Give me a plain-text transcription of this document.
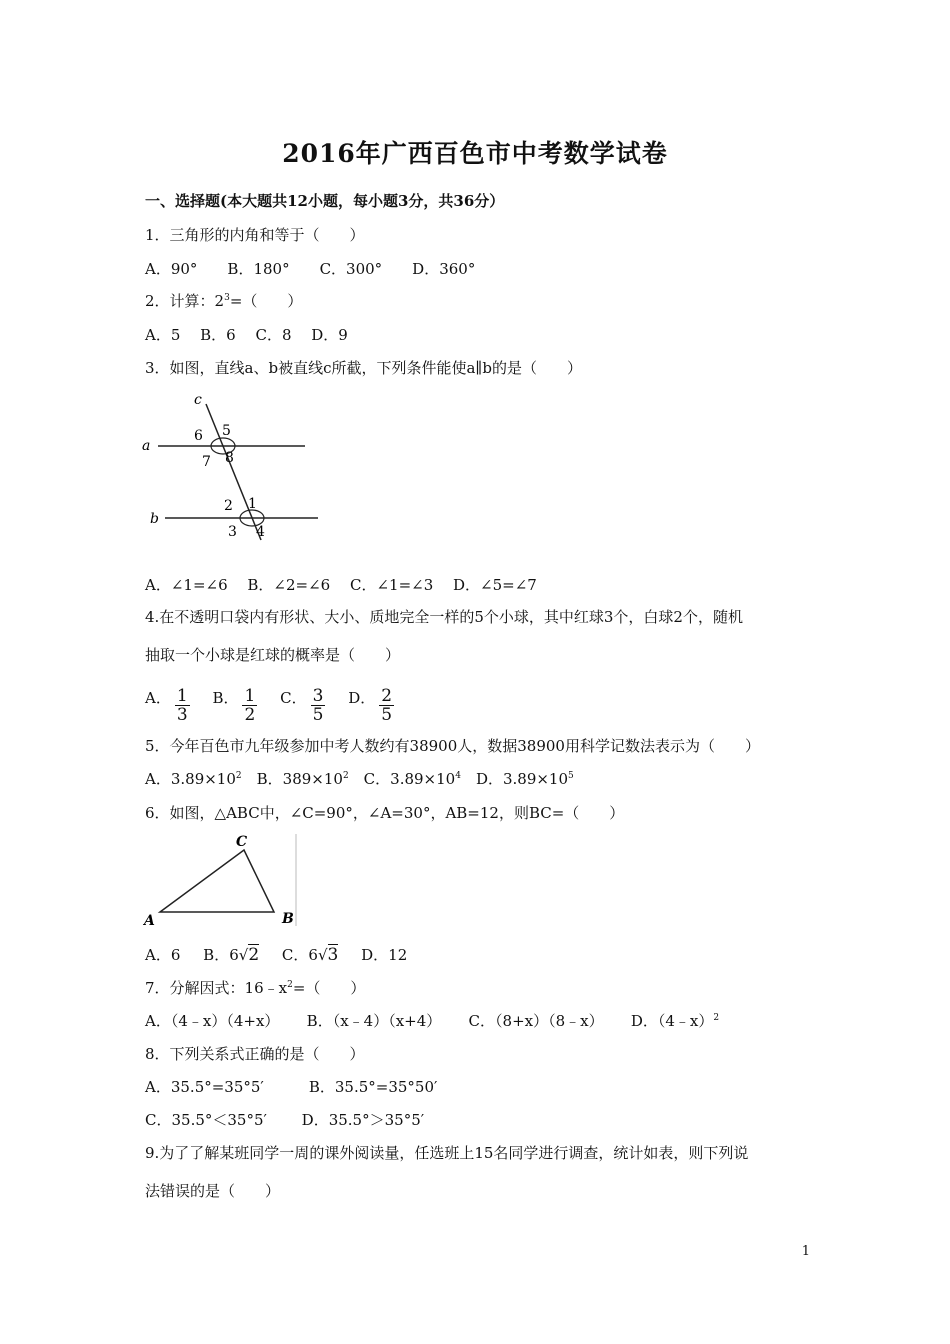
2016年广西百色市中考数学试卷
一、选择题(本大题共12小题，每小题3分，共36分）
1．三角形的内角和等于（　　）
A．90°　　B．180°　　C．300°　　D．360°
2．计算：$2^3=$（　　）
A．5　 B．6　 C．8　 D．9
3．如图，直线a、b被直线c所截，下列条件能使a∥b的是（　　）
c
a
b
6 5
7 8
2 1
3 4
A．∠1=∠6　 B．∠2=∠6　 C．∠1=∠3　 D．∠5=∠7
4.在不透明口袋内有形状、大小、质地完全一样的5个小球，其中红球3个，白球2个，随机
抽取一个小球是红球的概率是（　　）
A． $\frac{1}{3}$ B． $\frac{1}{2}$ C． $\frac{3}{5}$ D． $\frac{2}{5}$
5．今年百色市九年级参加中考人数约有38900人，数据38900用科学记数法表示为（　　）
A．$3.89\times 10^2$　B．$389\times 10^2$　C．$3.89\times 10^4$　D．$3.89\times 10^5$
6．如图，△ABC中，∠C=90°，∠A=30°，AB=12，则BC=（　　）
C
A	B
A．6 B．6√2 C．6√3 D．12
7．分解因式：$16﹣x^2=$（　　）
A．（4﹣x）（4+x）　　 B．（x﹣4）（x+4）　　 C．（8+x）（8﹣x）　　 D．（4﹣x）$^2$
8．下列关系式正确的是（　　）
A．35.5°=35°5′　　　B．35.5°=35°50′
C．35.5°＜35°5′　　 D．35.5°＞35°5′
9.为了了解某班同学一周的课外阅读量，任选班上15名同学进行调查，统计如表，则下列说
法错误的是（　　）
1
